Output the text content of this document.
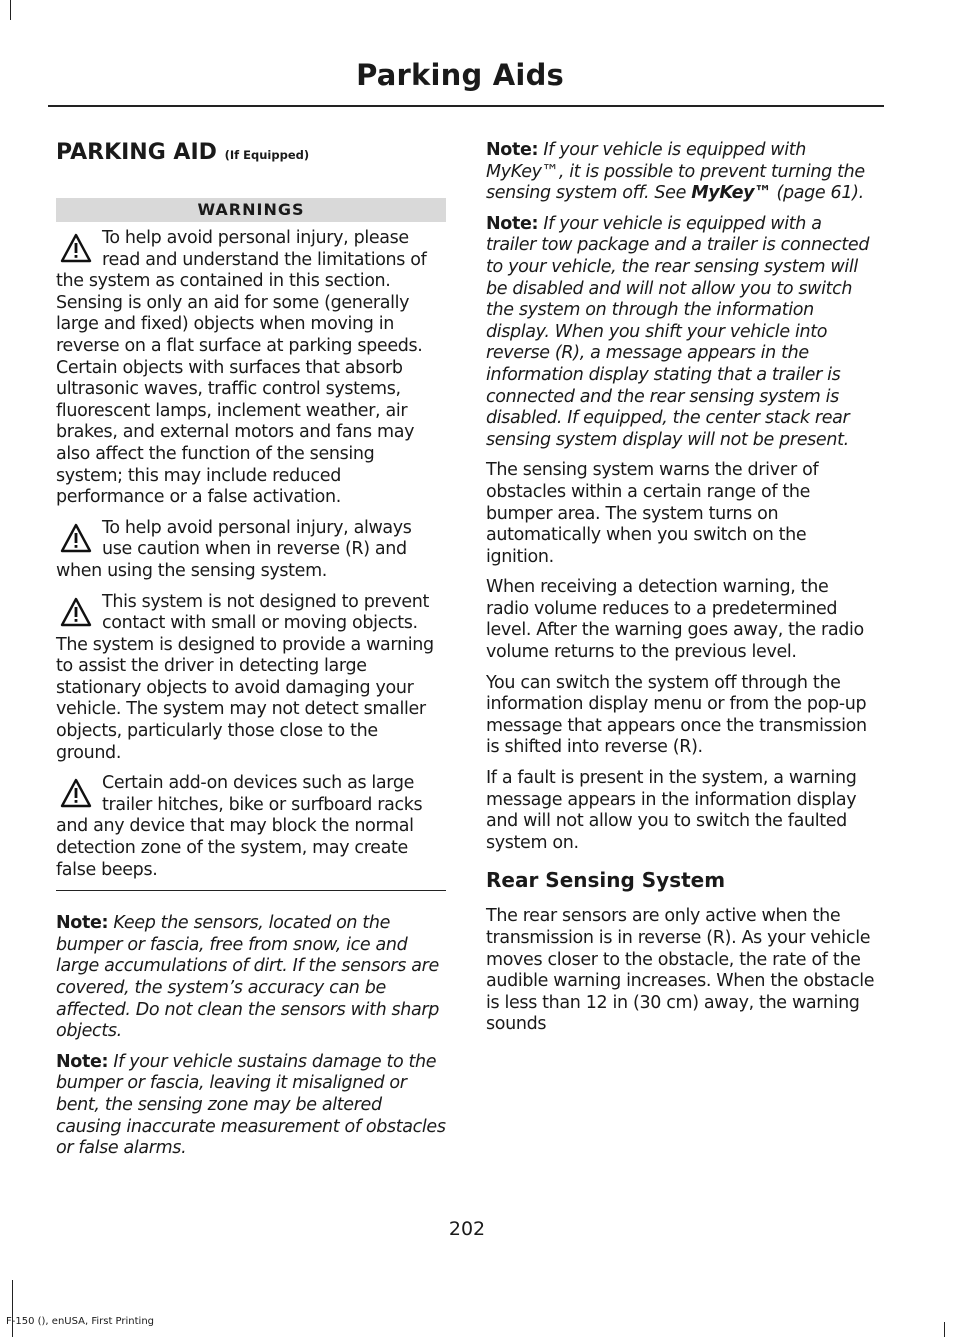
Parking Aids
PARKING AID (If Equipped)
WARNINGS
To help avoid personal injury, please read and understand the limitations of the system as contained in this section. Sensing is only an aid for some (generally large and fixed) objects when moving in reverse on a flat surface at parking speeds. Certain objects with surfaces that absorb ultrasonic waves, traffic control systems, fluorescent lamps, inclement weather, air brakes, and external motors and fans may also affect the function of the sensing system; this may include reduced performance or a false activation.
To help avoid personal injury, always use caution when in reverse (R) and when using the sensing system.
This system is not designed to prevent contact with small or moving objects. The system is designed to provide a warning to assist the driver in detecting large stationary objects to avoid damaging your vehicle. The system may not detect smaller objects, particularly those close to the ground.
Certain add-on devices such as large trailer hitches, bike or surfboard racks and any device that may block the normal detection zone of the system, may create false beeps.

Note: Keep the sensors, located on the bumper or fascia, free from snow, ice and large accumulations of dirt. If the sensors are covered, the system’s accuracy can be affected. Do not clean the sensors with sharp objects.

Note: If your vehicle sustains damage to the bumper or fascia, leaving it misaligned or bent, the sensing zone may be altered causing inaccurate measurement of obstacles or false alarms.

Note: If your vehicle is equipped with MyKey™, it is possible to prevent turning the sensing system off. See MyKey™ (page 61).

Note: If your vehicle is equipped with a trailer tow package and a trailer is connected to your vehicle, the rear sensing system will be disabled and will not allow you to switch the system on through the information display. When you shift your vehicle into reverse (R), a message appears in the information display stating that a trailer is connected and the rear sensing system is disabled. If equipped, the center stack rear sensing system display will not be present.

The sensing system warns the driver of obstacles within a certain range of the bumper area. The system turns on automatically when you switch on the ignition.

When receiving a detection warning, the radio volume reduces to a predetermined level. After the warning goes away, the radio volume returns to the previous level.

You can switch the system off through the information display menu or from the pop-up message that appears once the transmission is shifted into reverse (R).

If a fault is present in the system, a warning message appears in the information display and will not allow you to switch the faulted system on.

Rear Sensing System

The rear sensors are only active when the transmission is in reverse (R). As your vehicle moves closer to the obstacle, the rate of the audible warning increases. When the obstacle is less than 12 in (30 cm) away, the warning sounds

202
F-150 (), enUSA, First Printing
